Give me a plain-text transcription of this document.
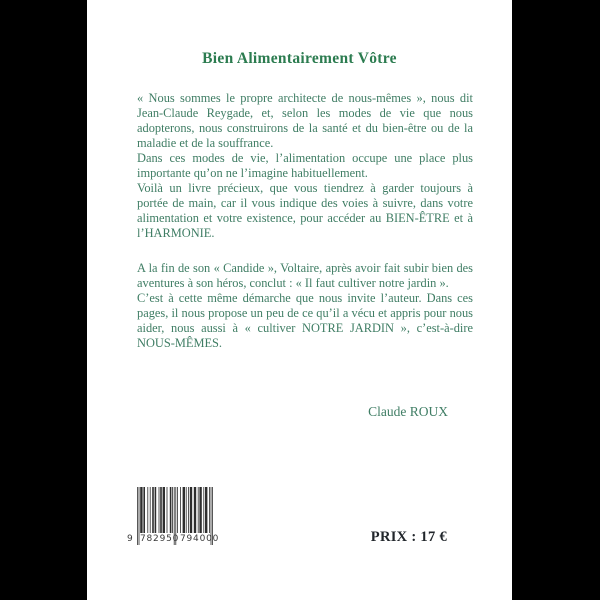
Bien Alimentairement Vôtre

« Nous sommes le propre architecte de nous-mêmes », nous dit Jean-Claude Reygade, et, selon les modes de vie que nous adopterons, nous construirons de la santé et du bien-être ou de la maladie et de la souffrance.

Dans ces modes de vie, l’alimentation occupe une place plus importante qu’on ne l’imagine habituellement.

Voilà un livre précieux, que vous tiendrez à garder toujours à portée de main, car il vous indique des voies à suivre, dans votre alimentation et votre existence, pour accéder au BIEN-ÊTRE et à l’HARMONIE.

A la fin de son « Candide », Voltaire, après avoir fait subir bien des aventures à son héros, conclut : « Il faut cultiver notre jardin ».

C’est à cette même démarche que nous invite l’auteur. Dans ces pages, il nous propose un peu de ce qu’il a vécu et appris pour nous aider, nous aussi à « cultiver NOTRE JARDIN », c’est-à-dire NOUS-MÊMES.

Claude ROUX
9 782950 794000	PRIX : 17 €
